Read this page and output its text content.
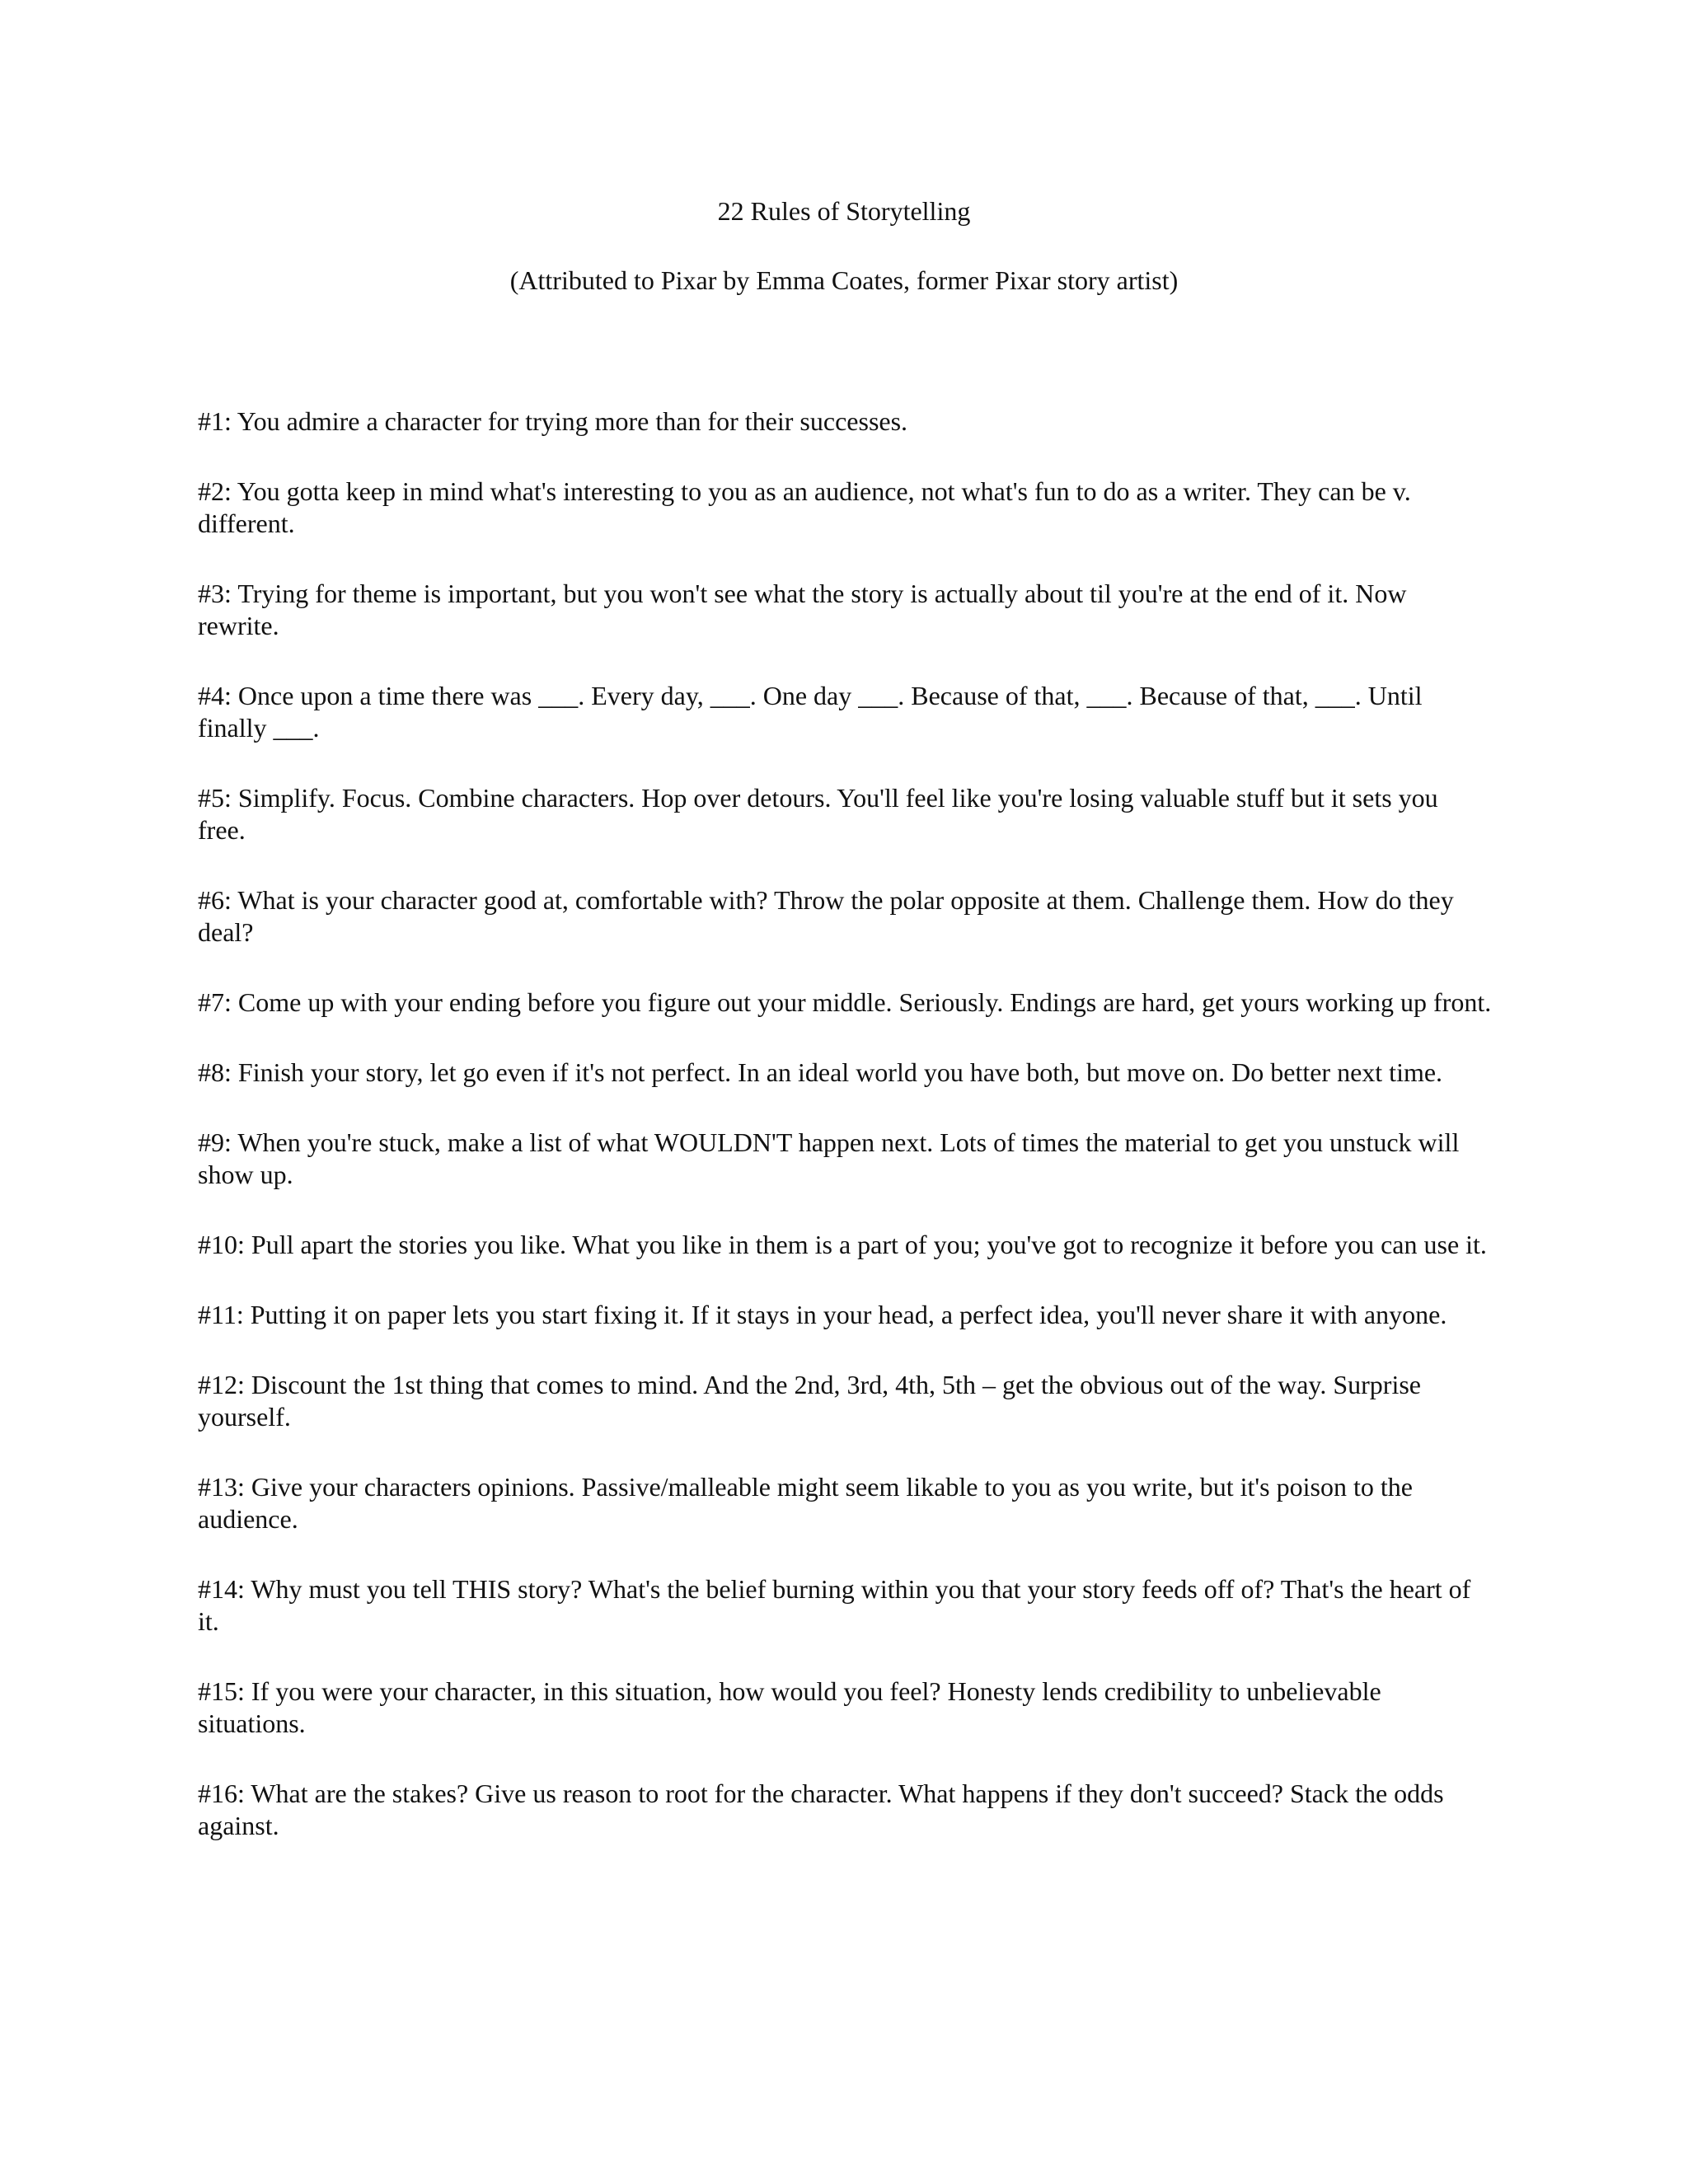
22 Rules of Storytelling

(Attributed to Pixar by Emma Coates, former Pixar story artist)

#1: You admire a character for trying more than for their successes.
#2: You gotta keep in mind what's interesting to you as an audience, not what's fun to do as a writer. They can be v. different.
#3: Trying for theme is important, but you won't see what the story is actually about til you're at the end of it. Now rewrite.
#4: Once upon a time there was ___. Every day, ___. One day ___. Because of that, ___. Because of that, ___. Until finally ___.
#5: Simplify. Focus. Combine characters. Hop over detours. You'll feel like you're losing valuable stuff but it sets you free.
#6: What is your character good at, comfortable with? Throw the polar opposite at them. Challenge them. How do they deal?
#7: Come up with your ending before you figure out your middle. Seriously. Endings are hard, get yours working up front.
#8: Finish your story, let go even if it's not perfect. In an ideal world you have both, but move on. Do better next time.
#9: When you're stuck, make a list of what WOULDN'T happen next. Lots of times the material to get you unstuck will show up.
#10: Pull apart the stories you like. What you like in them is a part of you; you've got to recognize it before you can use it.
#11: Putting it on paper lets you start fixing it. If it stays in your head, a perfect idea, you'll never share it with anyone.
#12: Discount the 1st thing that comes to mind. And the 2nd, 3rd, 4th, 5th – get the obvious out of the way. Surprise yourself.
#13: Give your characters opinions. Passive/malleable might seem likable to you as you write, but it's poison to the audience.
#14: Why must you tell THIS story? What's the belief burning within you that your story feeds off of? That's the heart of it.
#15: If you were your character, in this situation, how would you feel? Honesty lends credibility to unbelievable situations.
#16: What are the stakes? Give us reason to root for the character. What happens if they don't succeed? Stack the odds against.
